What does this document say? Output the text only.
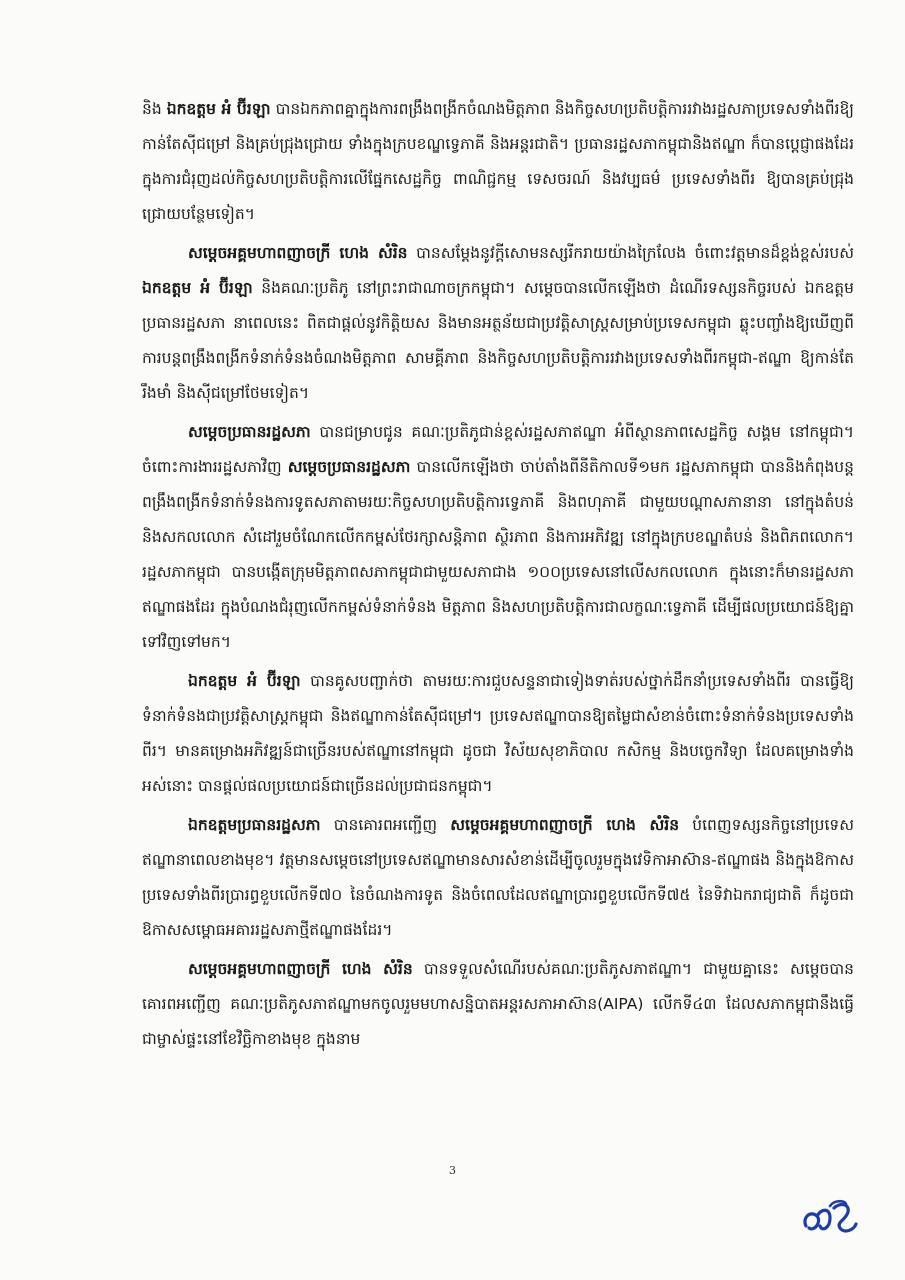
និង ឯកឧត្តម អំ ប៊ីរឡា បានឯកភាពគ្នាក្នុងការពង្រឹងពង្រីកចំណងមិត្តភាព និងកិច្ចសហប្រតិបត្តិការរវាងរដ្ឋសភាប្រទេសទាំងពីរឱ្យកាន់តែស៊ីជម្រៅ និងគ្រប់ជ្រុងជ្រោយ ទាំងក្នុងក្របខណ្ឌទ្វេភាគី និងអន្តរជាតិ។ ប្រធានរដ្ឋសភាកម្ពុជានិងឥណ្ឌា ក៏បានប្តេជ្ញាផងដែរ ក្នុងការជំរុញដល់កិច្ចសហប្រតិបត្តិការលើផ្នែកសេដ្ឋកិច្ច ពាណិជ្ជកម្ម ទេសចរណ៍ និងវប្បធម៌ ប្រទេសទាំងពីរ ឱ្យបានគ្រប់ជ្រុងជ្រោយបន្ថែមទៀត។

សម្តេចអគ្គមហាពញាចក្រី ហេង សំរិន បានសម្តែងនូវក្តីសោមនស្សរីករាយយ៉ាងក្រៃលែង ចំពោះវត្តមានដ៏ខ្ពង់ខ្ពស់របស់ ឯកឧត្តម អំ ប៊ីរឡា និងគណៈប្រតិភូ នៅព្រះរាជាណាចក្រកម្ពុជា។ សម្តេចបានលើកឡើងថា ដំណើរទស្សនកិច្ចរបស់ ឯកឧត្តមប្រធានរដ្ឋសភា នាពេលនេះ ពិតជាផ្តល់នូវកិត្តិយស និងមានអត្ថន័យជាប្រវត្តិសាស្ត្រសម្រាប់ប្រទេសកម្ពុជា ឆ្លុះបញ្ចាំងឱ្យឃើញពីការបន្តពង្រឹងពង្រីកទំនាក់ទំនងចំណងមិត្តភាព សាមគ្គីភាព និងកិច្ចសហប្រតិបត្តិការរវាងប្រទេសទាំងពីរកម្ពុជា-ឥណ្ឌា ឱ្យកាន់តែរឹងមាំ និងស៊ីជម្រៅថែមទៀត។

សម្តេចប្រធានរដ្ឋសភា បានជម្រាបជូន គណៈប្រតិភូជាន់ខ្ពស់រដ្ឋសភាឥណ្ឌា អំពីស្ថានភាពសេដ្ឋកិច្ច សង្គម នៅកម្ពុជា។ ចំពោះការងាររដ្ឋសភាវិញ សម្តេចប្រធានរដ្ឋសភា បានលើកឡើងថា ចាប់តាំងពីនីតិកាលទី១មក រដ្ឋសភាកម្ពុជា បាននិងកំពុងបន្តពង្រឹងពង្រីកទំនាក់ទំនងការទូតសភាតាមរយៈកិច្ចសហប្រតិបត្តិការទ្វេភាគី និងពហុភាគី ជាមួយបណ្តាសភានានា នៅក្នុងតំបន់ និងសកលលោក សំដៅរួមចំណែកលើកកម្ពស់ថែរក្សាសន្តិភាព ស្ថិរភាព និងការអភិវឌ្ឍ នៅក្នុងក្របខណ្ឌតំបន់ និងពិភពលោក។ រដ្ឋសភាកម្ពុជា បានបង្កើតក្រុមមិត្តភាពសភាកម្ពុជាជាមួយសភាជាង ១០០ប្រទេសនៅលើសកលលោក ក្នុងនោះក៏មានរដ្ឋសភាឥណ្ឌាផងដែរ ក្នុងបំណងជំរុញលើកកម្ពស់ទំនាក់ទំនង មិត្តភាព និងសហប្រតិបត្តិការជាលក្ខណៈទ្វេភាគី ដើម្បីផលប្រយោជន៍ឱ្យគ្នាទៅវិញទៅមក។

ឯកឧត្តម អំ ប៊ីរឡា បានគូសបញ្ជាក់ថា តាមរយៈការជួបសន្ទនាជាទៀងទាត់របស់ថ្នាក់ដឹកនាំប្រទេសទាំងពីរ បានធ្វើឱ្យទំនាក់ទំនងជាប្រវត្តិសាស្ត្រកម្ពុជា និងឥណ្ឌាកាន់តែស៊ីជម្រៅ។ ប្រទេសឥណ្ឌាបានឱ្យតម្លៃជាសំខាន់ចំពោះទំនាក់ទំនងប្រទេសទាំងពីរ។ មានគម្រោងអភិវឌ្ឍន៍ជាច្រើនរបស់ឥណ្ឌានៅកម្ពុជា ដូចជា វិស័យសុខាភិបាល កសិកម្ម និងបច្ចេកវិទ្យា ដែលគម្រោងទាំងអស់នោះ បានផ្តល់ផលប្រយោជន៍ជាច្រើនដល់ប្រជាជនកម្ពុជា។

ឯកឧត្តមប្រធានរដ្ឋសភា បានគោរពអញ្ជើញ សម្តេចអគ្គមហាពញាចក្រី ហេង សំរិន បំពេញទស្សនកិច្ចនៅប្រទេសឥណ្ឌានាពេលខាងមុខ។ វត្តមានសម្តេចនៅប្រទេសឥណ្ឌាមានសារសំខាន់ដើម្បីចូលរួមក្នុងវេទិកាអាស៊ាន-ឥណ្ឌាផង និងក្នុងឱកាសប្រទេសទាំងពីរប្រារព្ធខួបលើកទី៧០ នៃចំណងការទូត និងចំពេលដែលឥណ្ឌាប្រារព្ធខួបលើកទី៧៥ នៃទិវាឯករាជ្យជាតិ ក៏ដូចជាឱកាសសម្ពោធអគាររដ្ឋសភាថ្មីឥណ្ឌាផងដែរ។

សម្តេចអគ្គមហាពញាចក្រី ហេង សំរិន បានទទួលសំណើរបស់គណៈប្រតិភូសភាឥណ្ឌា។ ជាមួយគ្នានេះ សម្តេចបានគោរពអញ្ជើញ គណៈប្រតិភូសភាឥណ្ឌាមកចូលរួមមហាសន្និបាតអន្តរសភាអាស៊ាន(AIPA) លើកទី៤៣ ដែលសភាកម្ពុជានឹងធ្វើជាម្ចាស់ផ្ទះនៅខែវិច្ឆិកាខាងមុខ ក្នុងនាម

3
